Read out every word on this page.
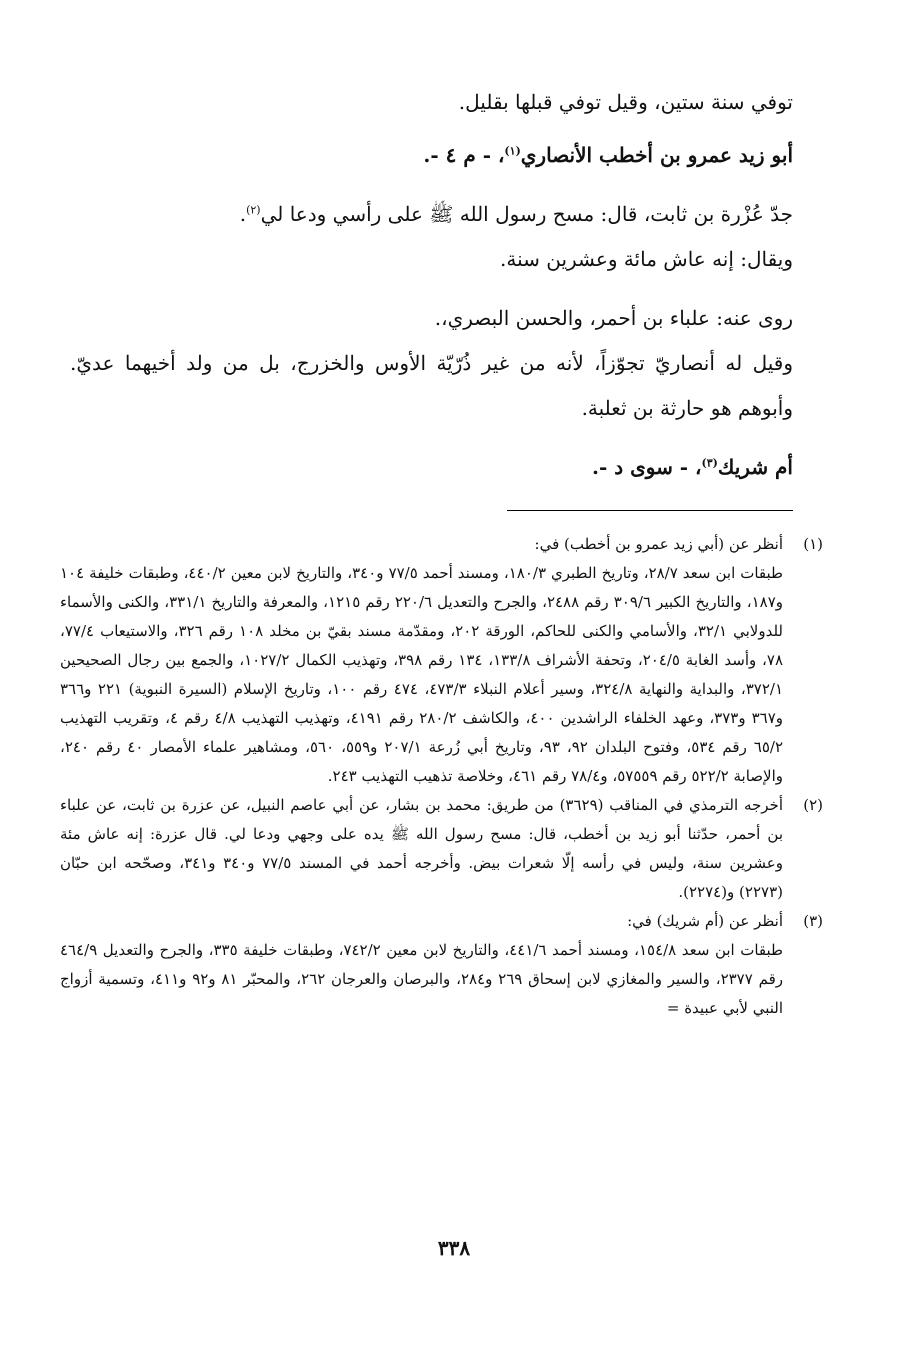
توفي سنة ستين، وقيل توفي قبلها بقليل.

أبو زيد عمرو بن أخطب الأنصاري$^{(١)}$، - م ٤ -.

جدّ عُزْرة بن ثابت، قال: مسح رسول الله ﷺ على رأسي ودعا لي$^{(٢)}$.

ويقال: إنه عاش مائة وعشرين سنة.

روى عنه: علباء بن أحمر، والحسن البصري،.

وقيل له أنصاريّ تجوّزاً، لأنه من غير ذُرّيّة الأوس والخزرج، بل من ولد أخيهما عديّ. وأبوهم هو حارثة بن ثعلبة.

أم شريك$^{(٣)}$، - سوى د -.

(١)

أنظر عن (أبي زيد عمرو بن أخطب) في:

طبقات ابن سعد ٢٨/٧، وتاريخ الطبري ١٨٠/٣، ومسند أحمد ٧٧/٥ و٣٤٠، والتاريخ لابن معين ٤٤٠/٢، وطبقات خليفة ١٠٤ و١٨٧، والتاريخ الكبير ٣٠٩/٦ رقم ٢٤٨٨، والجرح والتعديل ٢٢٠/٦ رقم ١٢١٥، والمعرفة والتاريخ ٣٣١/١، والكنى والأسماء للدولابي ٣٢/١، والأسامي والكنى للحاكم، الورقة ٢٠٢، ومقدّمة مسند بقيّ بن مخلد ١٠٨ رقم ٣٢٦، والاستيعاب ٧٧/٤، ٧٨، وأسد الغابة ٢٠٤/٥، وتحفة الأشراف ١٣٣/٨، ١٣٤ رقم ٣٩٨، وتهذيب الكمال ١٠٢٧/٢، والجمع بين رجال الصحيحين ٣٧٢/١، والبداية والنهاية ٣٢٤/٨، وسير أعلام النبلاء ٤٧٣/٣، ٤٧٤ رقم ١٠٠، وتاريخ الإسلام (السيرة النبوية) ٢٢١ و٣٦٦ و٣٦٧ و٣٧٣، وعهد الخلفاء الراشدين ٤٠٠، والكاشف ٢٨٠/٢ رقم ٤١٩١، وتهذيب التهذيب ٤/٨ رقم ٤، وتقريب التهذيب ٦٥/٢ رقم ٥٣٤، وفتوح البلدان ٩٢، ٩٣، وتاريخ أبي زُرعة ٢٠٧/١ و٥٥٩، ٥٦٠، ومشاهير علماء الأمصار ٤٠ رقم ٢٤٠، والإصابة ٥٢٢/٢ رقم ٥٧٥٥٩، و٧٨/٤ رقم ٤٦١، وخلاصة تذهيب التهذيب ٢٤٣.

(٢)

أخرجه الترمذي في المناقب (٣٦٢٩) من طريق: محمد بن بشار، عن أبي عاصم النبيل، عن عزرة بن ثابت، عن علباء بن أحمر، حدّثنا أبو زيد بن أخطب، قال: مسح رسول الله ﷺ يده على وجهي ودعا لي. قال عزرة: إنه عاش مئة وعشرين سنة، وليس في رأسه إلّا شعرات بيض. وأخرجه أحمد في المسند ٧٧/٥ و٣٤٠ و٣٤١، وصحّحه ابن حبّان (٢٢٧٣) و(٢٢٧٤).

(٣)

أنظر عن (أم شريك) في:

طبقات ابن سعد ١٥٤/٨، ومسند أحمد ٤٤١/٦، والتاريخ لابن معين ٧٤٢/٢، وطبقات خليفة ٣٣٥، والجرح والتعديل ٤٦٤/٩ رقم ٢٣٧٧، والسير والمغازي لابن إسحاق ٢٦٩ و٢٨٤، والبرصان والعرجان ٢٦٢، والمحبّر ٨١ و٩٢ و٤١١، وتسمية أزواج النبي لأبي عبيدة =

٣٣٨
